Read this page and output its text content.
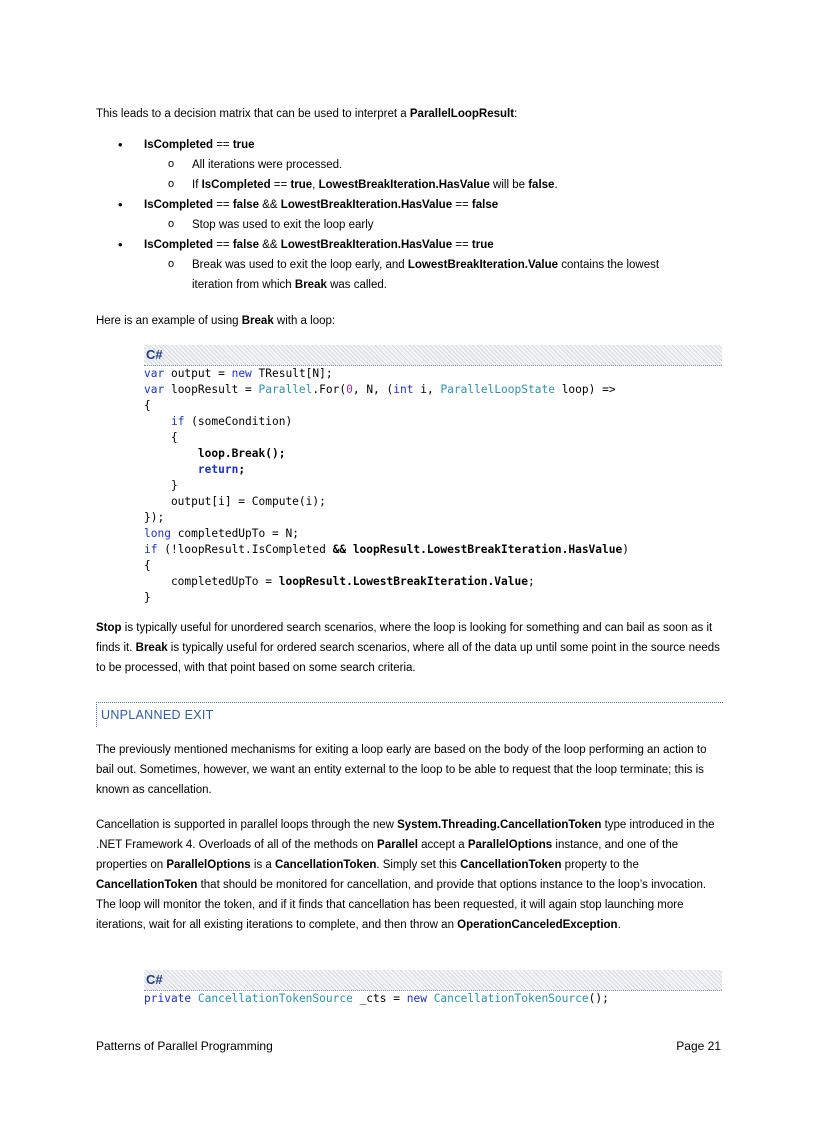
This leads to a decision matrix that can be used to interpret a ParallelLoopResult:

• IsCompleted == true
o All iterations were processed.
o If IsCompleted == true, LowestBreakIteration.HasValue will be false.
• IsCompleted == false && LowestBreakIteration.HasValue == false
o Stop was used to exit the loop early
• IsCompleted == false && LowestBreakIteration.HasValue == true
o Break was used to exit the loop early, and LowestBreakIteration.Value contains the lowest iteration from which Break was called.

Here is an example of using Break with a loop:

C#
var output = new TResult[N];
var loopResult = Parallel.For(0, N, (int i, ParallelLoopState loop) =>
{
if (someCondition)
{
loop.Break();
return;
}
output[i] = Compute(i);
});
long completedUpTo = N;
if (!loopResult.IsCompleted && loopResult.LowestBreakIteration.HasValue)
{
completedUpTo = loopResult.LowestBreakIteration.Value;
}

Stop is typically useful for unordered search scenarios, where the loop is looking for something and can bail as soon as it finds it. Break is typically useful for ordered search scenarios, where all of the data up until some point in the source needs to be processed, with that point based on some search criteria.

UNPLANNED EXIT

The previously mentioned mechanisms for exiting a loop early are based on the body of the loop performing an action to bail out. Sometimes, however, we want an entity external to the loop to be able to request that the loop terminate; this is known as cancellation.

Cancellation is supported in parallel loops through the new System.Threading.CancellationToken type introduced in the .NET Framework 4. Overloads of all of the methods on Parallel accept a ParallelOptions instance, and one of the properties on ParallelOptions is a CancellationToken. Simply set this CancellationToken property to the CancellationToken that should be monitored for cancellation, and provide that options instance to the loop’s invocation. The loop will monitor the token, and if it finds that cancellation has been requested, it will again stop launching more iterations, wait for all existing iterations to complete, and then throw an OperationCanceledException.

C#
private CancellationTokenSource _cts = new CancellationTokenSource();
Patterns of Parallel Programming	Page 21
